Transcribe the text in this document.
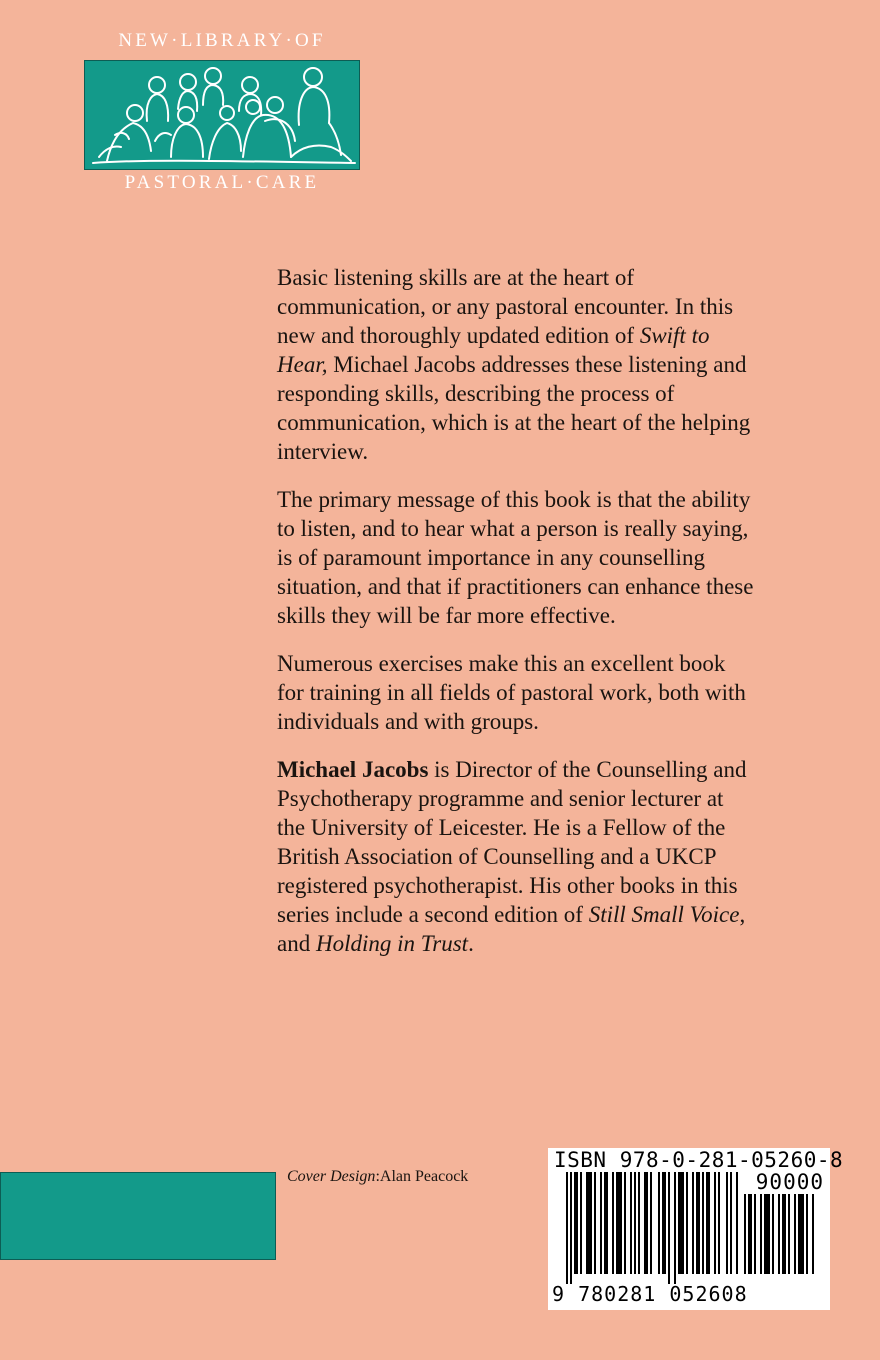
NEW·LIBRARY·OF
PASTORAL·CARE

Basic listening skills are at the heart of communication, or any pastoral encounter. In this new and thoroughly updated edition of Swift to Hear, Michael Jacobs addresses these listening and responding skills, describing the process of communication, which is at the heart of the helping interview.

The primary message of this book is that the ability to listen, and to hear what a person is really saying, is of paramount importance in any counselling situation, and that if practitioners can enhance these skills they will be far more effective.

Numerous exercises make this an excellent book for training in all fields of pastoral work, both with individuals and with groups.

Michael Jacobs is Director of the Counselling and Psychotherapy programme and senior lecturer at the University of Leicester. He is a Fellow of the British Association of Counselling and a UKCP registered psychotherapist. His other books in this series include a second edition of Still Small Voice, and Holding in Trust.

Cover Design:Alan Peacock
ISBN 978-0-281-05260-8
90000
9 780281 052608
